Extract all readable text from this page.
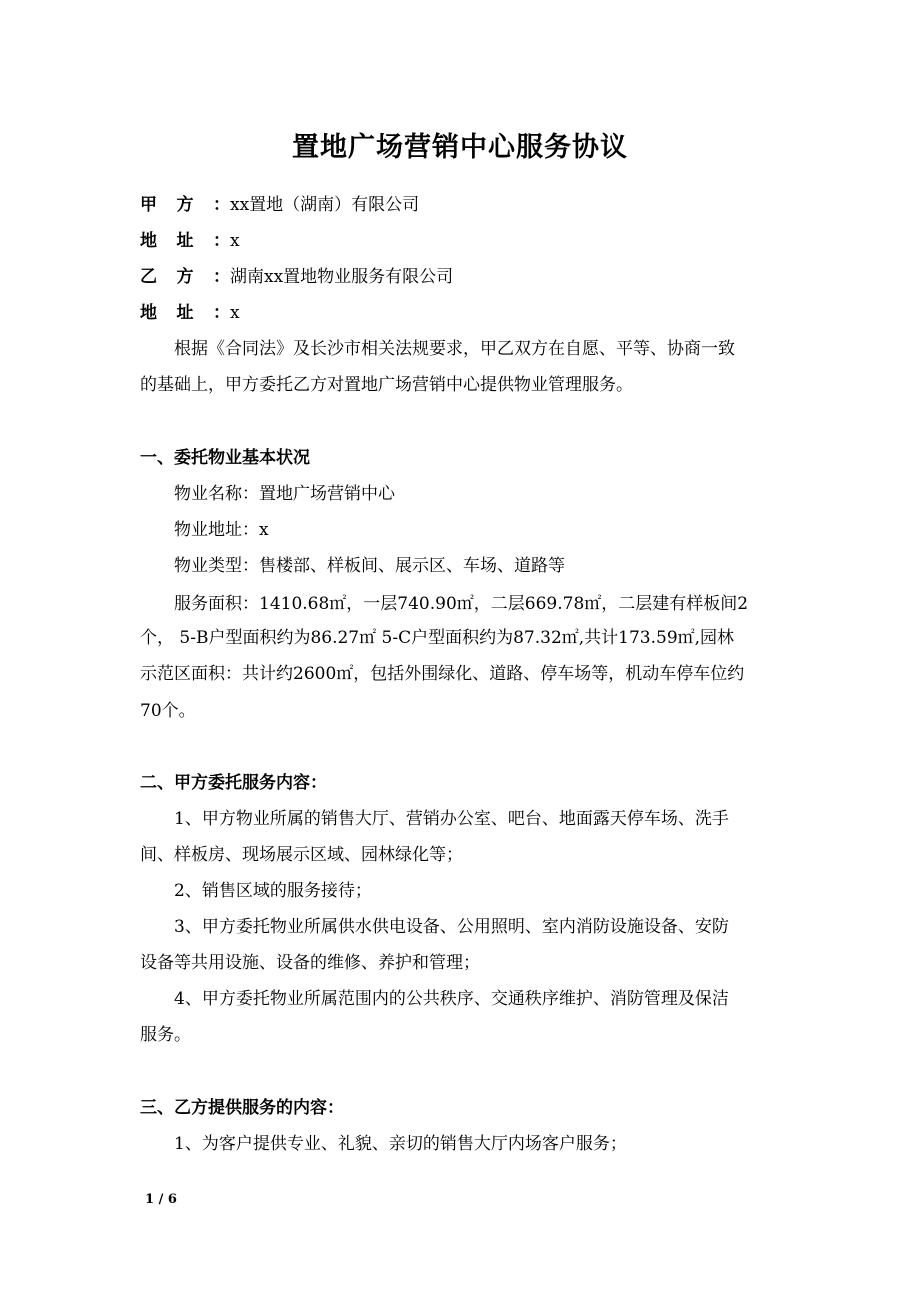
置地广场营销中心服务协议
甲方：xx置地（湖南）有限公司
地址：x
乙方：湖南xx置地物业服务有限公司
地址：x
根据《合同法》及长沙市相关法规要求，甲乙双方在自愿、平等、协商一致
的基础上，甲方委托乙方对置地广场营销中心提供物业管理服务。
一、委托物业基本状况
物业名称：置地广场营销中心
物业地址：x
物业类型：售楼部、样板间、展示区、车场、道路等
服务面积：1410.68㎡，一层740.90㎡，二层669.78㎡，二层建有样板间2
个， 5-B户型面积约为86.27㎡ 5-C户型面积约为87.32㎡,共计173.59㎡,园林
示范区面积：共计约2600㎡，包括外围绿化、道路、停车场等，机动车停车位约
70个。
二、甲方委托服务内容：
1、甲方物业所属的销售大厅、营销办公室、吧台、地面露天停车场、洗手
间、样板房、现场展示区域、园林绿化等；
2、销售区域的服务接待；
3、甲方委托物业所属供水供电设备、公用照明、室内消防设施设备、安防
设备等共用设施、设备的维修、养护和管理；
4、甲方委托物业所属范围内的公共秩序、交通秩序维护、消防管理及保洁
服务。
三、乙方提供服务的内容：
1、为客户提供专业、礼貌、亲切的销售大厅内场客户服务；
1 / 6
